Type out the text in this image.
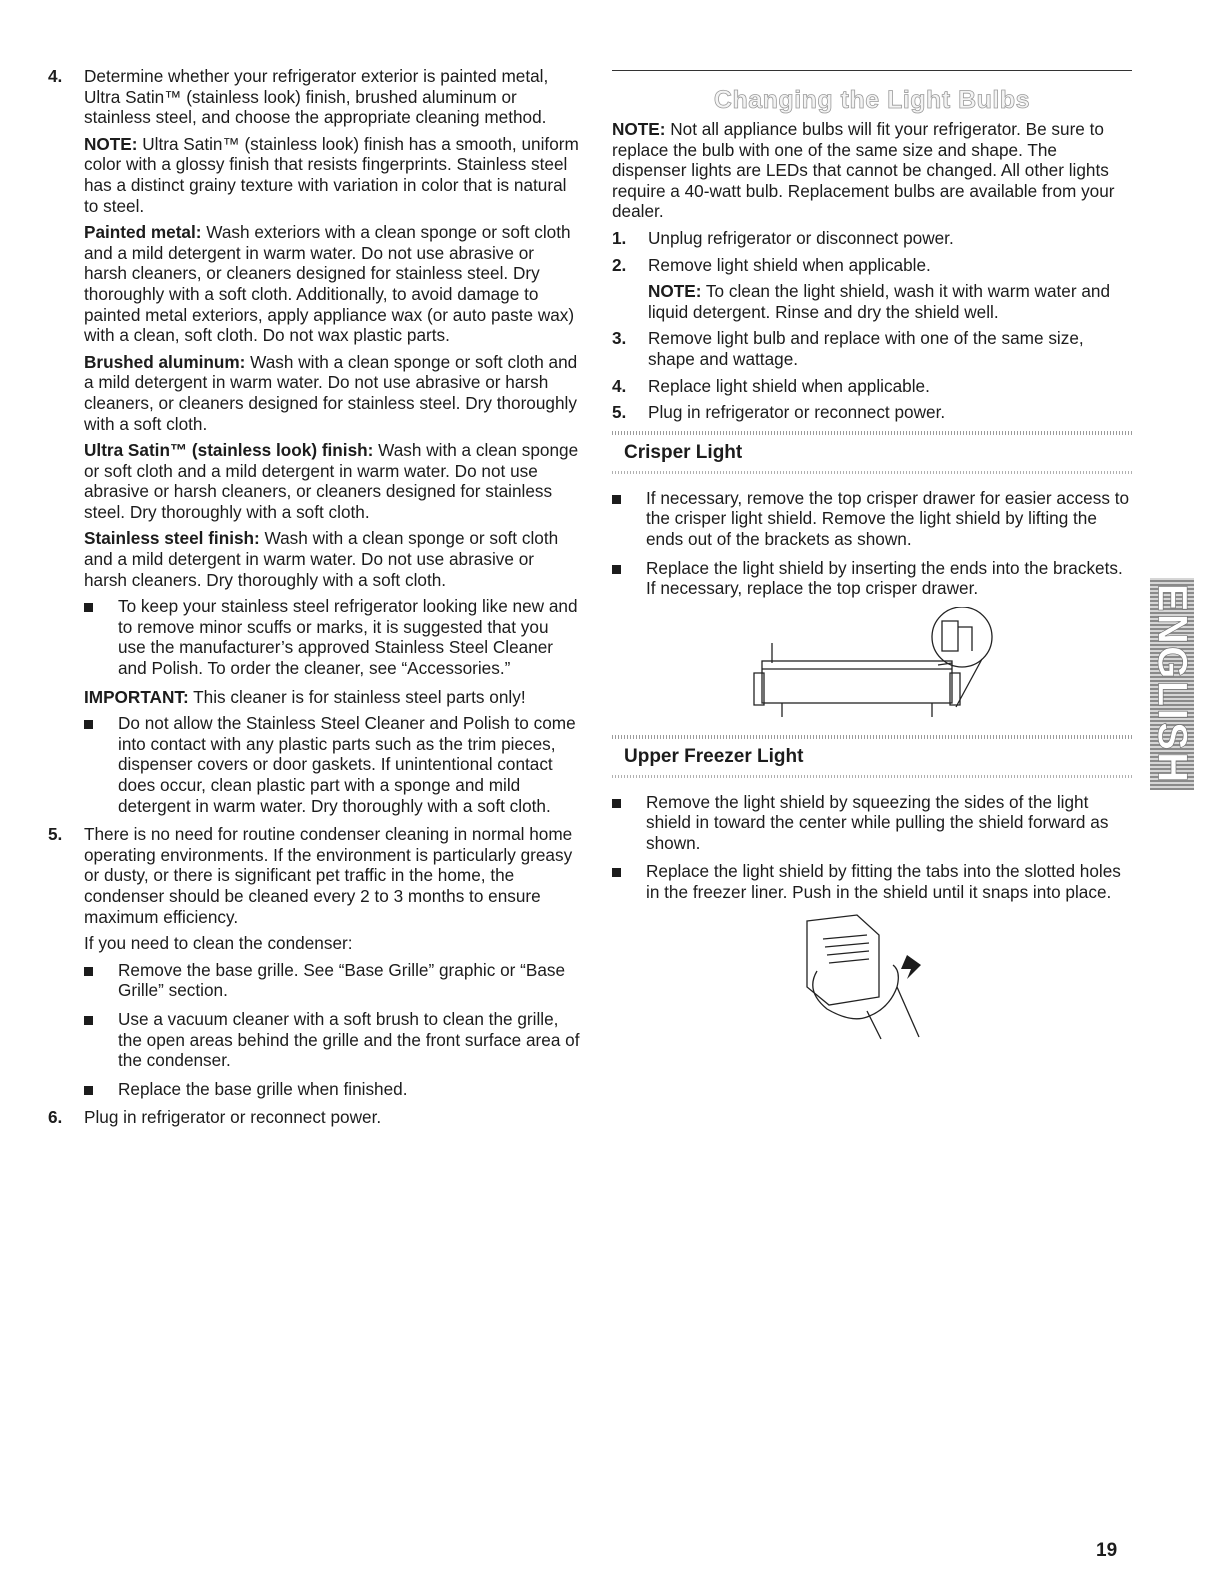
4.	Determine whether your refrigerator exterior is painted metal, Ultra Satin™ (stainless look) finish, brushed aluminum or stainless steel, and choose the appropriate cleaning method.

NOTE: Ultra Satin™ (stainless look) finish has a smooth, uniform color with a glossy finish that resists fingerprints. Stainless steel has a distinct grainy texture with variation in color that is natural to steel.

Painted metal: Wash exteriors with a clean sponge or soft cloth and a mild detergent in warm water. Do not use abrasive or harsh cleaners, or cleaners designed for stainless steel. Dry thoroughly with a soft cloth. Additionally, to avoid damage to painted metal exteriors, apply appliance wax (or auto paste wax) with a clean, soft cloth. Do not wax plastic parts.

Brushed aluminum: Wash with a clean sponge or soft cloth and a mild detergent in warm water. Do not use abrasive or harsh cleaners, or cleaners designed for stainless steel. Dry thoroughly with a soft cloth.

Ultra Satin™ (stainless look) finish: Wash with a clean sponge or soft cloth and a mild detergent in warm water. Do not use abrasive or harsh cleaners, or cleaners designed for stainless steel. Dry thoroughly with a soft cloth.

Stainless steel finish: Wash with a clean sponge or soft cloth and a mild detergent in warm water. Do not use abrasive or harsh cleaners. Dry thoroughly with a soft cloth.

To keep your stainless steel refrigerator looking like new and to remove minor scuffs or marks, it is suggested that you use the manufacturer’s approved Stainless Steel Cleaner and Polish. To order the cleaner, see “Accessories.”

IMPORTANT: This cleaner is for stainless steel parts only!

Do not allow the Stainless Steel Cleaner and Polish to come into contact with any plastic parts such as the trim pieces, dispenser covers or door gaskets. If unintentional contact does occur, clean plastic part with a sponge and mild detergent in warm water. Dry thoroughly with a soft cloth.
5.	There is no need for routine condenser cleaning in normal home operating environments. If the environment is particularly greasy or dusty, or there is significant pet traffic in the home, the condenser should be cleaned every 2 to 3 months to ensure maximum efficiency.

If you need to clean the condenser:

Remove the base grille. See “Base Grille” graphic or “Base Grille” section.
Use a vacuum cleaner with a soft brush to clean the grille, the open areas behind the grille and the front surface area of the condenser.
Replace the base grille when finished.
6.	Plug in refrigerator or reconnect power.
Changing the Light Bulbs

NOTE: Not all appliance bulbs will fit your refrigerator. Be sure to replace the bulb with one of the same size and shape. The dispenser lights are LEDs that cannot be changed. All other lights require a 40-watt bulb. Replacement bulbs are available from your dealer.

1.	Unplug refrigerator or disconnect power.
2.	Remove light shield when applicable.

NOTE: To clean the light shield, wash it with warm water and liquid detergent. Rinse and dry the shield well.

3.	Remove light bulb and replace with one of the same size, shape and wattage.
4.	Replace light shield when applicable.
5.	Plug in refrigerator or reconnect power.
Crisper Light
If necessary, remove the top crisper drawer for easier access to the crisper light shield. Remove the light shield by lifting the ends out of the brackets as shown.
Replace the light shield by inserting the ends into the brackets. If necessary, replace the top crisper drawer.
Upper Freezer Light
Remove the light shield by squeezing the sides of the light shield in toward the center while pulling the shield forward as shown.
Replace the light shield by fitting the tabs into the slotted holes in the freezer liner. Push in the shield until it snaps into place.
ENGLISH
19
